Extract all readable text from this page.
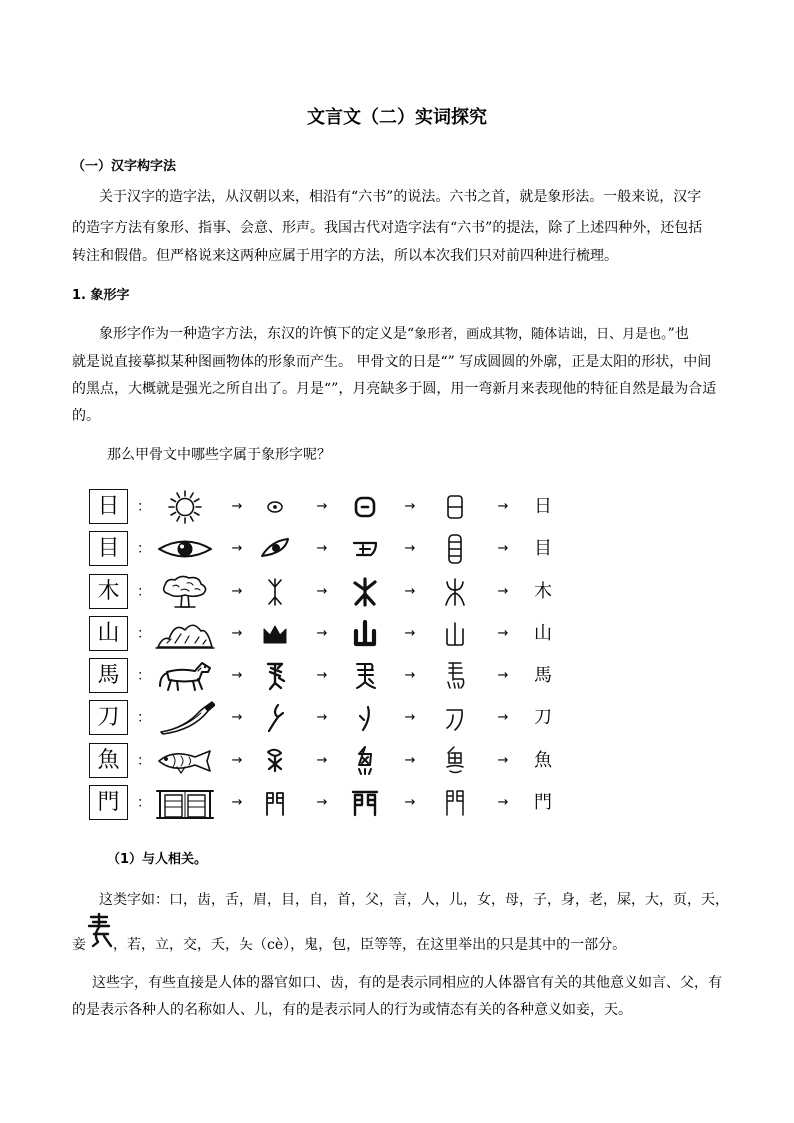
文言文（二）实词探究
（一）汉字构字法
关于汉字的造字法，从汉朝以来，相沿有“六书”的说法。六书之首，就是象形法。一般来说，汉字
的造字方法有象形、指事、会意、形声。我国古代对造字法有“六书”的提法，除了上述四种外，还包括
转注和假借。但严格说来这两种应属于用字的方法，所以本次我们只对前四种进行梳理。
1. 象形字
象形字作为一种造字方法，东汉的许慎下的定义是“象形者，画成其物，随体诘诎，日、月是也。”也
就是说直接摹拟某种图画物体的形象而产生。 甲骨文的日是“” 写成圆圆的外廓，正是太阳的形状，中间
的黑点，大概就是强光之所自出了。月是“”，月亮缺多于圆，用一弯新月来表现他的特征自然是最为合适
的。
那么甲骨文中哪些字属于象形字呢？
日	：	→	→	→	→	日
目	：	→	→	→	→	目
木	：	→	→	→	→	木
山	：	→	→	→	→	山
馬	：	→	→	→	→	馬
刀	：	→	→	→	→	刀
魚	：	→	→	→	→	魚
門	：	→	→	→	→	門
（1）与人相关。
这类字如：口，齿，舌，眉，目，自，首，父，言，人，儿，女，母，子，身，老，屎，大，页，天，
妾 ，若，立，交，夭，夨（cè），鬼，包，臣等等，在这里举出的只是其中的一部分。
这些字，有些直接是人体的器官如口、齿，有的是表示同相应的人体器官有关的其他意义如言、父，有
的是表示各种人的名称如人、儿，有的是表示同人的行为或情态有关的各种意义如妾，天。
